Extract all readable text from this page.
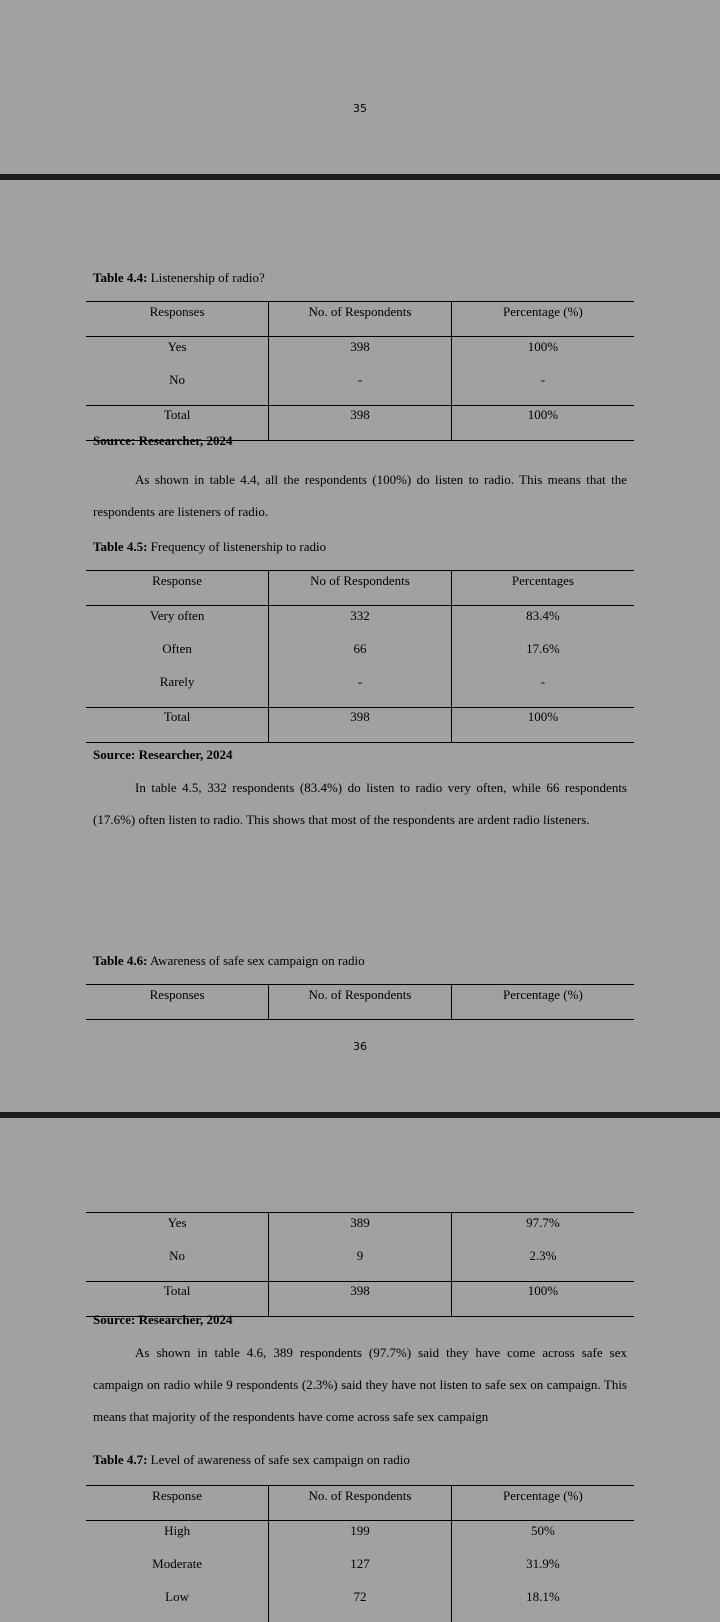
35
Table 4.4: Listenership of radio?
Responses	No. of Respondents	Percentage (%)
Yes	398	100%
No	-	-
Total	398	100%
Source: Researcher, 2024

As shown in table 4.4, all the respondents (100%) do listen to radio. This means that the respondents are listeners of radio.

Table 4.5: Frequency of listenership to radio
Response	No of Respondents	Percentages
Very often	332	83.4%
Often	66	17.6%
Rarely	-	-
Total	398	100%
Source: Researcher, 2024

In table 4.5, 332 respondents (83.4%) do listen to radio very often, while 66 respondents (17.6%) often listen to radio. This shows that most of the respondents are ardent radio listeners.

Table 4.6: Awareness of safe sex campaign on radio
Responses	No. of Respondents	Percentage (%)
36
Yes	389	97.7%
No	9	2.3%
Total	398	100%
Source: Researcher, 2024

As shown in table 4.6, 389 respondents (97.7%) said they have come across safe sex campaign on radio while 9 respondents (2.3%) said they have not listen to safe sex on campaign. This means that majority of the respondents have come across safe sex campaign

Table 4.7: Level of awareness of safe sex campaign on radio
Response	No. of Respondents	Percentage (%)
High	199	50%
Moderate	127	31.9%
Low	72	18.1%
